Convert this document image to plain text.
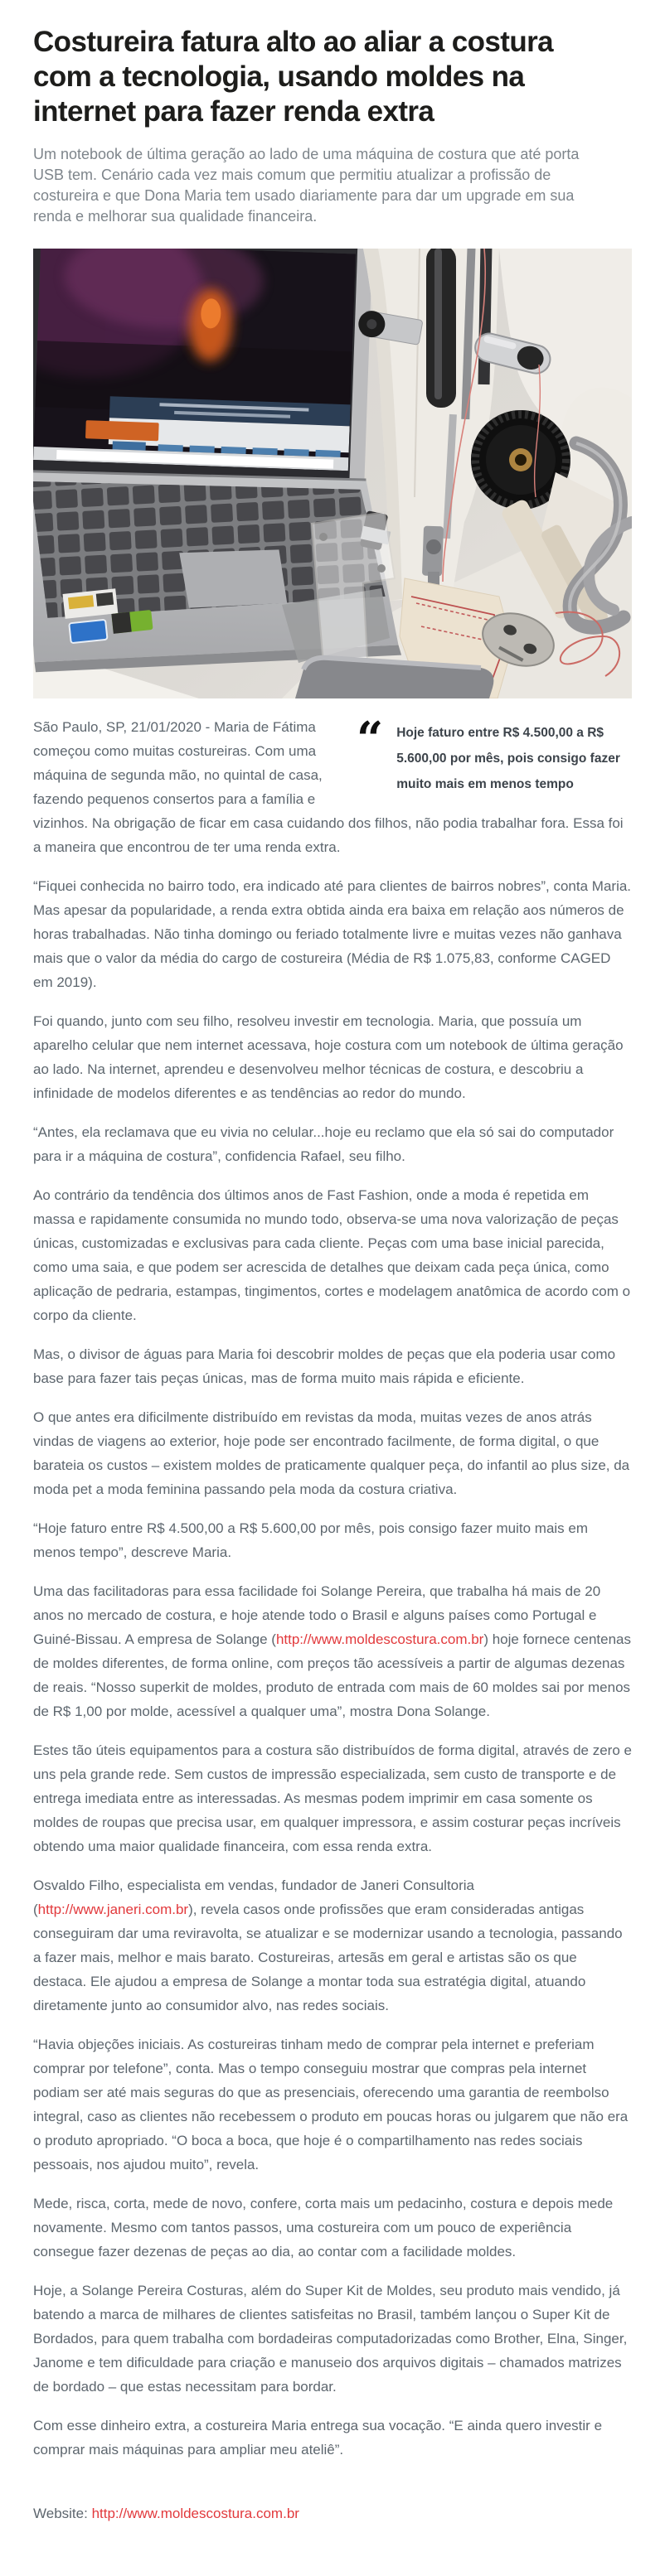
Costureira fatura alto ao aliar a costura com a tecnologia, usando moldes na internet para fazer renda extra

Um notebook de última geração ao lado de uma máquina de costura que até porta USB tem. Cenário cada vez mais comum que permitiu atualizar a profissão de costureira e que Dona Maria tem usado diariamente para dar um upgrade em sua renda e melhorar sua qualidade financeira.

“ Hoje faturo entre R$ 4.500,00 a R$ 5.600,00 por mês, pois consigo fazer muito mais em menos tempo

São Paulo, SP, 21/01/2020 - Maria de Fátima começou como muitas costureiras. Com uma máquina de segunda mão, no quintal de casa, fazendo pequenos consertos para a família e vizinhos. Na obrigação de ficar em casa cuidando dos filhos, não podia trabalhar fora. Essa foi a maneira que encontrou de ter uma renda extra.

“Fiquei conhecida no bairro todo, era indicado até para clientes de bairros nobres”, conta Maria. Mas apesar da popularidade, a renda extra obtida ainda era baixa em relação aos números de horas trabalhadas. Não tinha domingo ou feriado totalmente livre e muitas vezes não ganhava mais que o valor da média do cargo de costureira (Média de R$ 1.075,83, conforme CAGED em 2019).

Foi quando, junto com seu filho, resolveu investir em tecnologia. Maria, que possuía um aparelho celular que nem internet acessava, hoje costura com um notebook de última geração ao lado. Na internet, aprendeu e desenvolveu melhor técnicas de costura, e descobriu a infinidade de modelos diferentes e as tendências ao redor do mundo.

“Antes, ela reclamava que eu vivia no celular...hoje eu reclamo que ela só sai do computador para ir a máquina de costura”, confidencia Rafael, seu filho.

Ao contrário da tendência dos últimos anos de Fast Fashion, onde a moda é repetida em massa e rapidamente consumida no mundo todo, observa-se uma nova valorização de peças únicas, customizadas e exclusivas para cada cliente. Peças com uma base inicial parecida, como uma saia, e que podem ser acrescida de detalhes que deixam cada peça única, como aplicação de pedraria, estampas, tingimentos, cortes e modelagem anatômica de acordo com o corpo da cliente.

Mas, o divisor de águas para Maria foi descobrir moldes de peças que ela poderia usar como base para fazer tais peças únicas, mas de forma muito mais rápida e eficiente.

O que antes era dificilmente distribuído em revistas da moda, muitas vezes de anos atrás vindas de viagens ao exterior, hoje pode ser encontrado facilmente, de forma digital, o que barateia os custos – existem moldes de praticamente qualquer peça, do infantil ao plus size, da moda pet a moda feminina passando pela moda da costura criativa.

“Hoje faturo entre R$ 4.500,00 a R$ 5.600,00 por mês, pois consigo fazer muito mais em menos tempo”, descreve Maria.

Uma das facilitadoras para essa facilidade foi Solange Pereira, que trabalha há mais de 20 anos no mercado de costura, e hoje atende todo o Brasil e alguns países como Portugal e Guiné-Bissau. A empresa de Solange (http://www.moldescostura.com.br) hoje fornece centenas de moldes diferentes, de forma online, com preços tão acessíveis a partir de algumas dezenas de reais. “Nosso superkit de moldes, produto de entrada com mais de 60 moldes sai por menos de R$ 1,00 por molde, acessível a qualquer uma”, mostra Dona Solange.

Estes tão úteis equipamentos para a costura são distribuídos de forma digital, através de zero e uns pela grande rede. Sem custos de impressão especializada, sem custo de transporte e de entrega imediata entre as interessadas. As mesmas podem imprimir em casa somente os moldes de roupas que precisa usar, em qualquer impressora, e assim costurar peças incríveis obtendo uma maior qualidade financeira, com essa renda extra.

Osvaldo Filho, especialista em vendas, fundador de Janeri Consultoria (http://www.janeri.com.br), revela casos onde profissões que eram consideradas antigas conseguiram dar uma reviravolta, se atualizar e se modernizar usando a tecnologia, passando a fazer mais, melhor e mais barato. Costureiras, artesãs em geral e artistas são os que destaca. Ele ajudou a empresa de Solange a montar toda sua estratégia digital, atuando diretamente junto ao consumidor alvo, nas redes sociais.

“Havia objeções iniciais. As costureiras tinham medo de comprar pela internet e preferiam comprar por telefone”, conta. Mas o tempo conseguiu mostrar que compras pela internet podiam ser até mais seguras do que as presenciais, oferecendo uma garantia de reembolso integral, caso as clientes não recebessem o produto em poucas horas ou julgarem que não era o produto apropriado. “O boca a boca, que hoje é o compartilhamento nas redes sociais pessoais, nos ajudou muito”, revela.

Mede, risca, corta, mede de novo, confere, corta mais um pedacinho, costura e depois mede novamente. Mesmo com tantos passos, uma costureira com um pouco de experiência consegue fazer dezenas de peças ao dia, ao contar com a facilidade moldes.

Hoje, a Solange Pereira Costuras, além do Super Kit de Moldes, seu produto mais vendido, já batendo a marca de milhares de clientes satisfeitas no Brasil, também lançou o Super Kit de Bordados, para quem trabalha com bordadeiras computadorizadas como Brother, Elna, Singer, Janome e tem dificuldade para criação e manuseio dos arquivos digitais – chamados matrizes de bordado – que estas necessitam para bordar.

Com esse dinheiro extra, a costureira Maria entrega sua vocação. “E ainda quero investir e comprar mais máquinas para ampliar meu ateliê”.

Website: http://www.moldescostura.com.br
